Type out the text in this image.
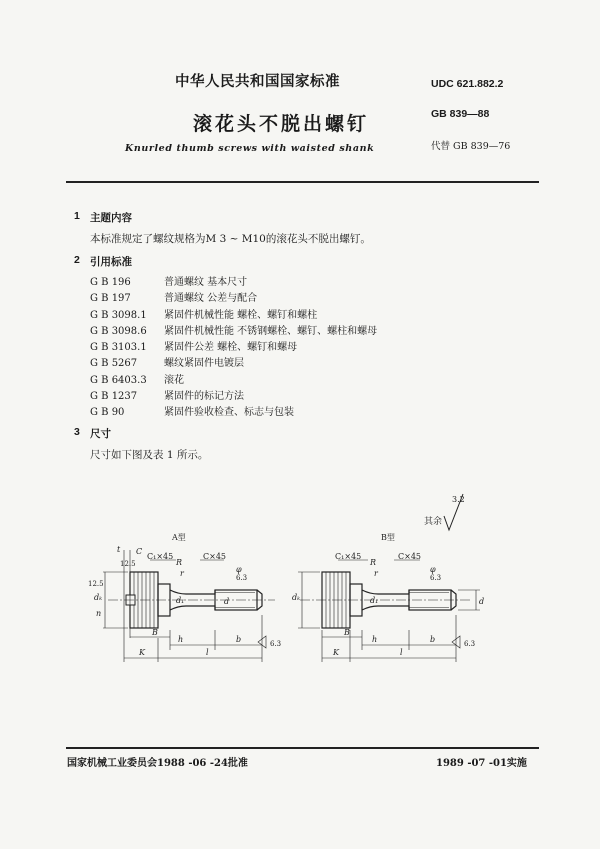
中华人民共和国国家标准
滚花头不脱出螺钉
Knurled thumb screws with waisted shank
UDC 621.882.2
GB 839—88
代替 GB 839—76
1 主题内容
本标准规定了螺纹规格为M 3 ~ M10的滚花头不脱出螺钉。
2 引用标准
G B 196	普通螺纹 基本尺寸
G B 197	普通螺纹 公差与配合
G B 3098.1	紧固件机械性能 螺栓、螺钉和螺柱
G B 3098.6	紧固件机械性能 不锈钢螺栓、螺钉、螺柱和螺母
G B 3103.1	紧固件公差 螺栓、螺钉和螺母
G B 5267	螺纹紧固件电镀层
G B 6403.3	滚花
G B 1237	紧固件的标记方法
G B 90	紧固件验收检查、标志与包装
3 尺寸
尺寸如下图及表 1 所示。
其余
3.2
A型
C₁×45
C
R
r
C×45
φ
6.3
dₖ
n
t
12.5
12.5
d₁	d
B
h	b
K	l
6.3
B型
C₁×45
R
r
C×45
φ
6.3
dₖ	d₁	d
B
h	b
K	l
6.3
国家机械工业委员会1988 -06 -24批准	1989 -07 -01实施
